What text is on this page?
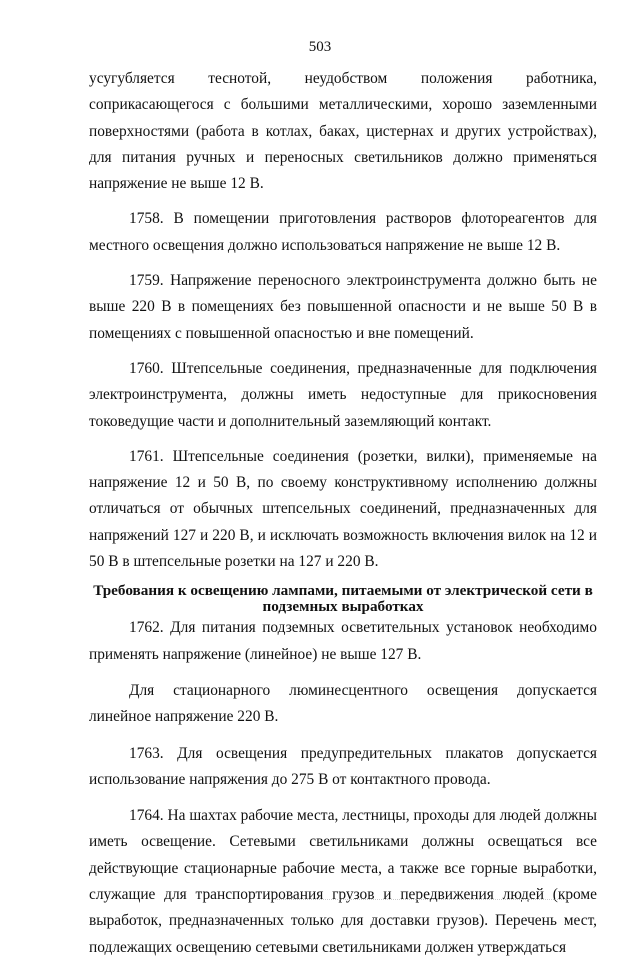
503

усугубляется теснотой, неудобством положения работника, соприкасающегося с большими металлическими, хорошо заземленными поверхностями (работа в котлах, баках, цистернах и других устройствах), для питания ручных и переносных светильников должно применяться напряжение не выше 12 В.

1758. В помещении приготовления растворов флотореагентов для местного освещения должно использоваться напряжение не выше 12 В.

1759. Напряжение переносного электроинструмента должно быть не выше 220 В в помещениях без повышенной опасности и не выше 50 В в помещениях с повышенной опасностью и вне помещений.

1760. Штепсельные соединения, предназначенные для подключения электроинструмента, должны иметь недоступные для прикосновения токоведущие части и дополнительный заземляющий контакт.

1761. Штепсельные соединения (розетки, вилки), применяемые на напряжение 12 и 50 В, по своему конструктивному исполнению должны отличаться от обычных штепсельных соединений, предназначенных для напряжений 127 и 220 В, и исключать возможность включения вилок на 12 и 50 В в штепсельные розетки на 127 и 220 В.

Требования к освещению лампами, питаемыми от электрической сети в подземных выработках

1762. Для питания подземных осветительных установок необходимо применять напряжение (линейное) не выше 127 В.

Для стационарного люминесцентного освещения допускается линейное напряжение 220 В.

1763. Для освещения предупредительных плакатов допускается использование напряжения до 275 В от контактного провода.

1764. На шахтах рабочие места, лестницы, проходы для людей должны иметь освещение. Сетевыми светильниками должны освещаться все действующие стационарные рабочие места, а также все горные выработки, служащие для транспортирования грузов и передвижения людей (кроме выработок, предназначенных только для доставки грузов). Перечень мест, подлежащих освещению сетевыми светильниками должен утверждаться
